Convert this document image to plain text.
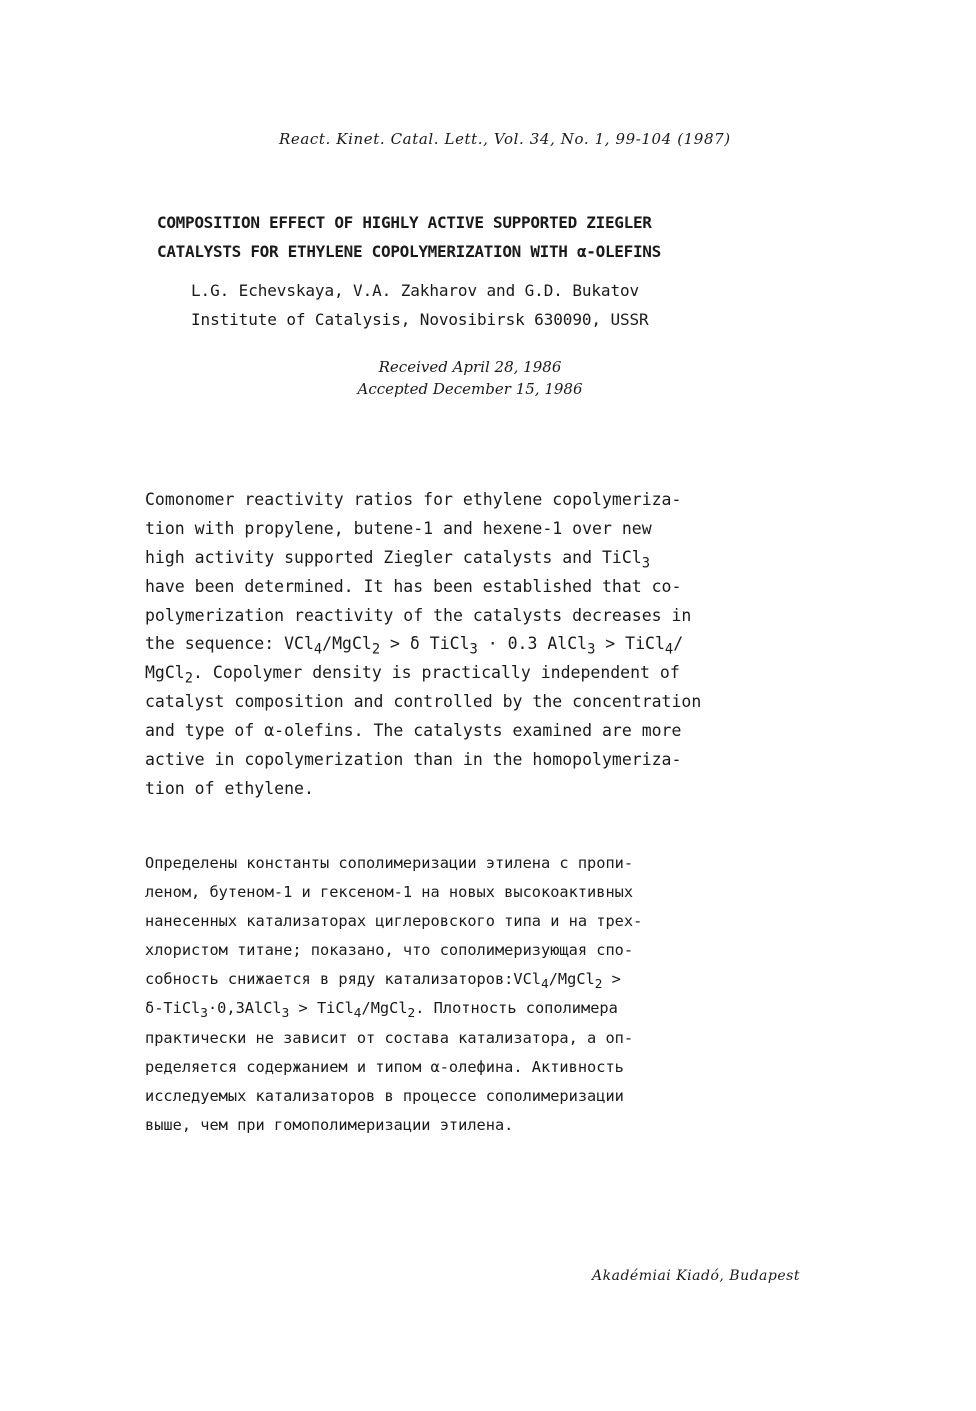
React. Kinet. Catal. Lett., Vol. 34, No. 1, 99-104 (1987)
COMPOSITION EFFECT OF HIGHLY ACTIVE SUPPORTED ZIEGLER
CATALYSTS FOR ETHYLENE COPOLYMERIZATION WITH α-OLEFINS
L.G. Echevskaya, V.A. Zakharov and G.D. Bukatov
Institute of Catalysis, Novosibirsk 630090, USSR
Received April 28, 1986
Accepted December 15, 1986
Comonomer reactivity ratios for ethylene copolymeriza-
tion with propylene, butene-1 and hexene-1 over new
high activity supported Ziegler catalysts and TiCl$_3$
have been determined. It has been established that co-
polymerization reactivity of the catalysts decreases in
the sequence: VCl$_4$/MgCl$_2$ > δ TiCl$_3$ · 0.3 AlCl$_3$ > TiCl$_4$/
MgCl$_2$. Copolymer density is practically independent of
catalyst composition and controlled by the concentration
and type of α-olefins. The catalysts examined are more
active in copolymerization than in the homopolymeriza-
tion of ethylene.
Определены константы сополимеризации этилена с пропи-
леном, бутеном-1 и гексеном-1 на новых высокоактивных
нанесенных катализаторах циглеровского типа и на трех-
хлористом титане; показано, что сополимеризующая спо-
собность снижается в ряду катализаторов:VCl$_4$/MgCl$_2$ >
δ-TiCl$_3$·0,3AlCl$_3$ > TiCl$_4$/MgCl$_2$. Плотность сополимера
практически не зависит от состава катализатора, а оп-
ределяется содержанием и типом α-олефина. Активность
исследуемых катализаторов в процессе сополимеризации
выше, чем при гомополимеризации этилена.
Akadémiai Kiadó, Budapest
